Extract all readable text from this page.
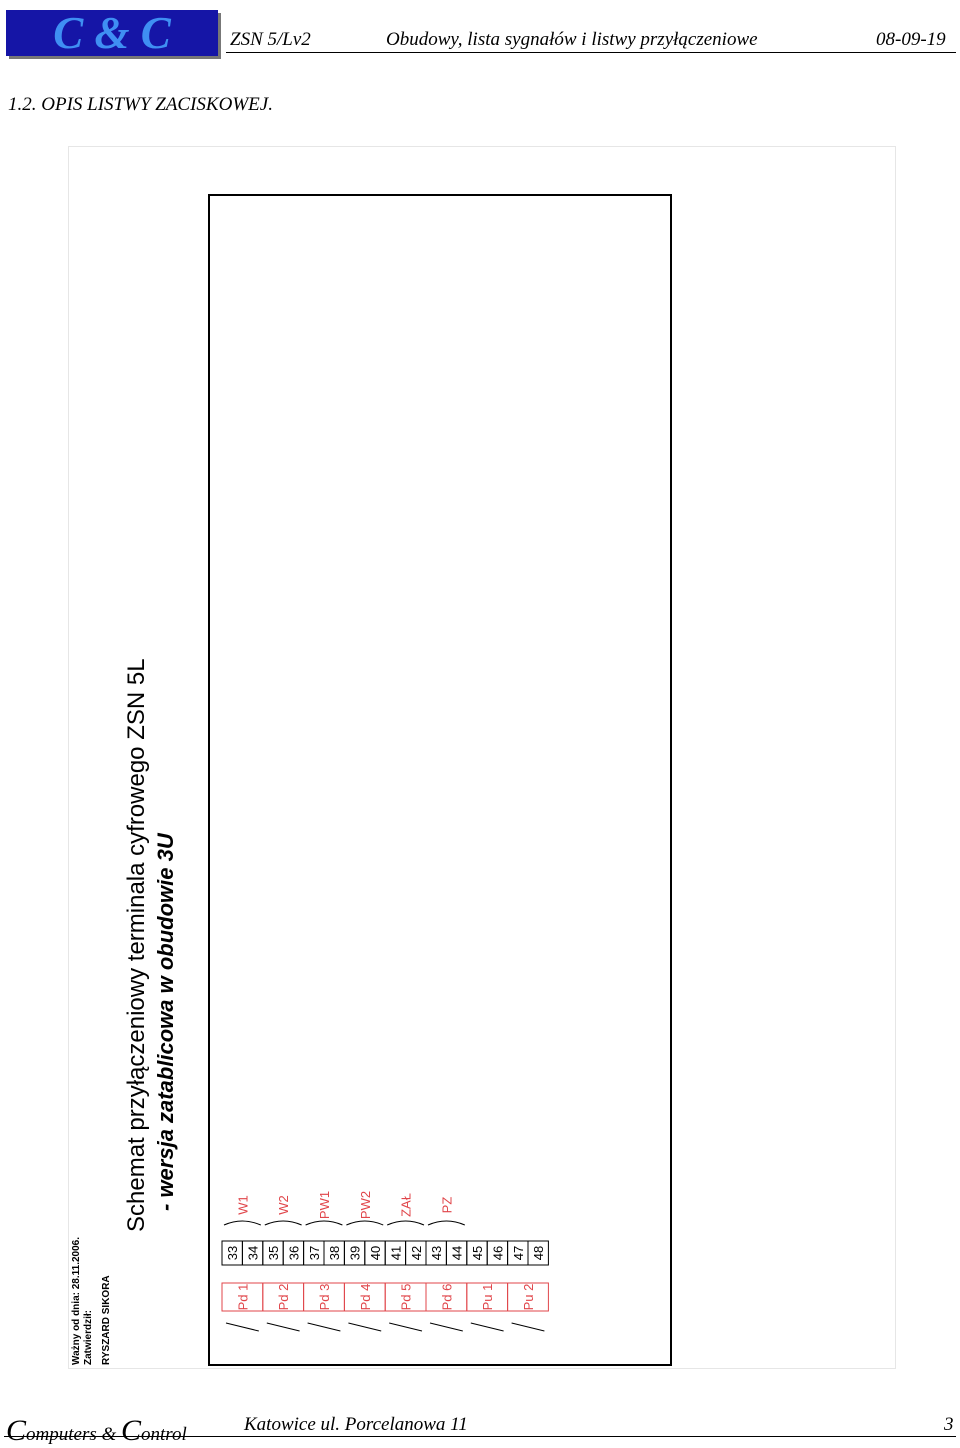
C & C	ZSN 5/Lv2	Obudowy, lista sygnałów i listwy przyłączeniowe	08-09-19
1.2. OPIS LISTWY ZACISKOWEJ.
Schemat przyłączeniowy terminala cyfrowego ZSN 5L - wersja zatablicowa w obudowie 3U
Ważny od dnia: 28.11.2006. Zatwierdził: RYSZARD SIKORA
33 34
Pd 1
35 36
Pd 2
37 38
Pd 3
39 40
Pd 4
41 42
Pd 5
43 44
Pd 6
45 46
Pu 1
47 48
Pu 2
W1 W2 PW1 PW2 ZAŁ PZ
Computers & Control	Katowice ul. Porcelanowa 11	3
